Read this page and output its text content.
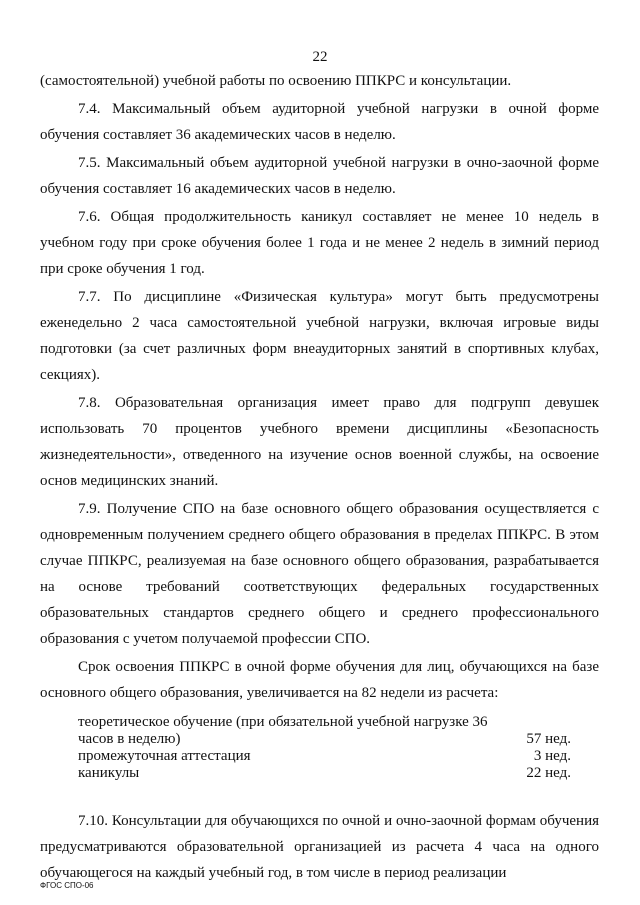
22

(самостоятельной) учебной работы по освоению ППКРС и консультации.

7.4. Максимальный объем аудиторной учебной нагрузки в очной форме обучения составляет 36 академических часов в неделю.

7.5. Максимальный объем аудиторной учебной нагрузки в очно-заочной форме обучения составляет 16 академических часов в неделю.

7.6. Общая продолжительность каникул составляет не менее 10 недель в учебном году при сроке обучения более 1 года и не менее 2 недель в зимний период при сроке обучения 1 год.

7.7. По дисциплине «Физическая культура» могут быть предусмотрены еженедельно 2 часа самостоятельной учебной нагрузки, включая игровые виды подготовки (за счет различных форм внеаудиторных занятий в спортивных клубах, секциях).

7.8. Образовательная организация имеет право для подгрупп девушек использовать 70 процентов учебного времени дисциплины «Безопасность жизнедеятельности», отведенного на изучение основ военной службы, на освоение основ медицинских знаний.

7.9. Получение СПО на базе основного общего образования осуществляется с одновременным получением среднего общего образования в пределах ППКРС. В этом случае ППКРС, реализуемая на базе основного общего образования, разрабатывается на основе требований соответствующих федеральных государственных образовательных стандартов среднего общего и среднего профессионального образования с учетом получаемой профессии СПО.

Срок освоения ППКРС в очной форме обучения для лиц, обучающихся на базе основного общего образования, увеличивается на 82 недели из расчета:

теоретическое обучение (при обязательной учебной нагрузке 36 часов в неделю)	57 нед.
промежуточная аттестация	3 нед.
каникулы	22 нед.

7.10. Консультации для обучающихся по очной и очно-заочной формам обучения предусматриваются образовательной организацией из расчета 4 часа на одного обучающегося на каждый учебный год, в том числе в период реализации

ФГОС СПО-06
